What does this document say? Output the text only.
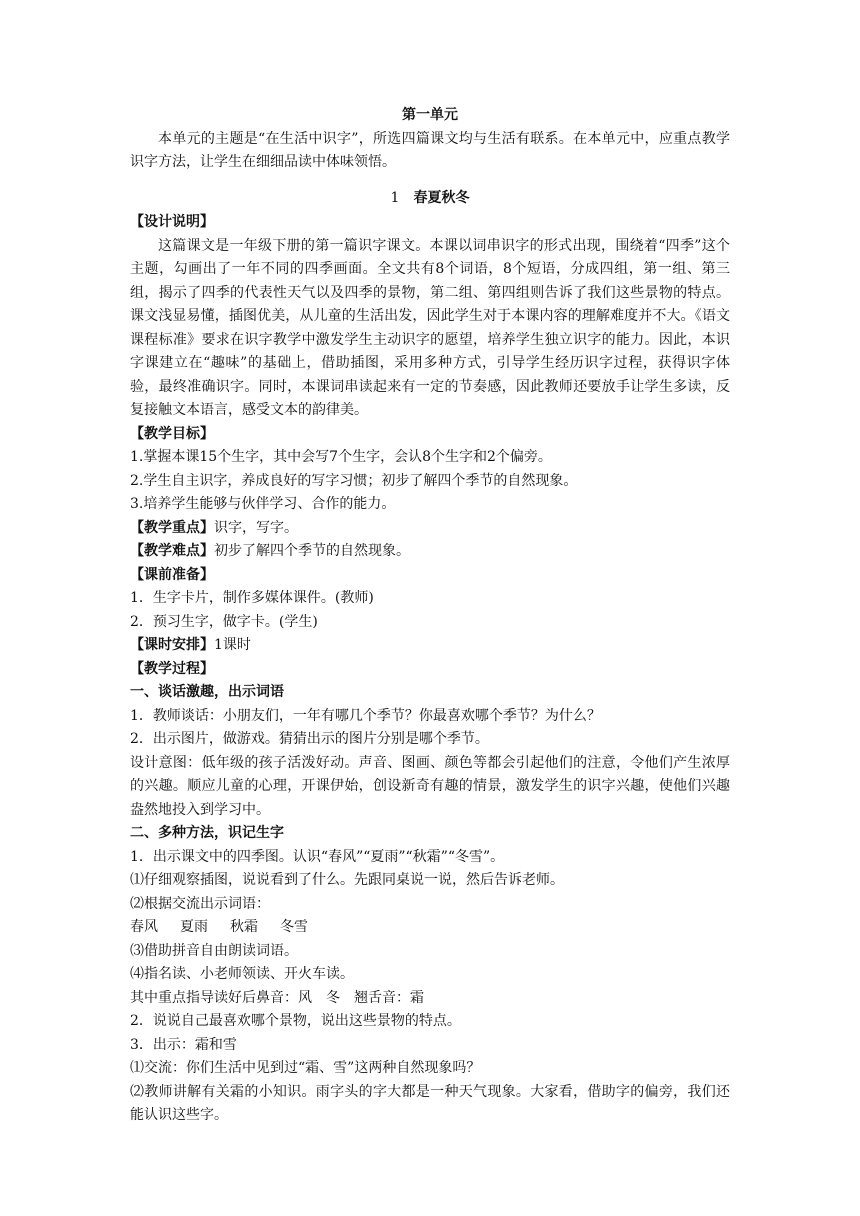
第一单元

本单元的主题是“在生活中识字”，所选四篇课文均与生活有联系。在本单元中，应重点教学识字方法，让学生在细细品读中体味领悟。

1 春夏秋冬

【设计说明】

这篇课文是一年级下册的第一篇识字课文。本课以词串识字的形式出现，围绕着“四季”这个主题，勾画出了一年不同的四季画面。全文共有8个词语，8个短语，分成四组，第一组、第三组，揭示了四季的代表性天气以及四季的景物，第二组、第四组则告诉了我们这些景物的特点。课文浅显易懂，插图优美，从儿童的生活出发，因此学生对于本课内容的理解难度并不大。《语文课程标准》要求在识字教学中激发学生主动识字的愿望，培养学生独立识字的能力。因此，本识字课建立在“趣味”的基础上，借助插图，采用多种方式，引导学生经历识字过程，获得识字体验，最终准确识字。同时，本课词串读起来有一定的节奏感，因此教师还要放手让学生多读，反复接触文本语言，感受文本的韵律美。

【教学目标】

1.掌握本课15个生字，其中会写7个生字，会认8个生字和2个偏旁。

2.学生自主识字，养成良好的写字习惯；初步了解四个季节的自然现象。

3.培养学生能够与伙伴学习、合作的能力。

【教学重点】识字，写字。

【教学难点】初步了解四个季节的自然现象。

【课前准备】

1．生字卡片，制作多媒体课件。(教师)

2．预习生字，做字卡。(学生)

【课时安排】1课时

【教学过程】

一、谈话激趣，出示词语

1．教师谈话：小朋友们，一年有哪几个季节？你最喜欢哪个季节？为什么？

2．出示图片，做游戏。猜猜出示的图片分别是哪个季节。

设计意图：低年级的孩子活泼好动。声音、图画、颜色等都会引起他们的注意，令他们产生浓厚的兴趣。顺应儿童的心理，开课伊始，创设新奇有趣的情景，激发学生的识字兴趣，使他们兴趣盎然地投入到学习中。

二、多种方法，识记生字

1．出示课文中的四季图。认识“春风”“夏雨”“秋霜”“冬雪”。

⑴仔细观察插图，说说看到了什么。先跟同桌说一说，然后告诉老师。

⑵根据交流出示词语：

春风 夏雨 秋霜 冬雪

⑶借助拼音自由朗读词语。

⑷指名读、小老师领读、开火车读。

其中重点指导读好后鼻音：风　冬　翘舌音：霜

2．说说自己最喜欢哪个景物，说出这些景物的特点。

3．出示：霜和雪

⑴交流：你们生活中见到过“霜、雪”这两种自然现象吗？

⑵教师讲解有关霜的小知识。雨字头的字大都是一种天气现象。大家看，借助字的偏旁，我们还能认识这些字。
